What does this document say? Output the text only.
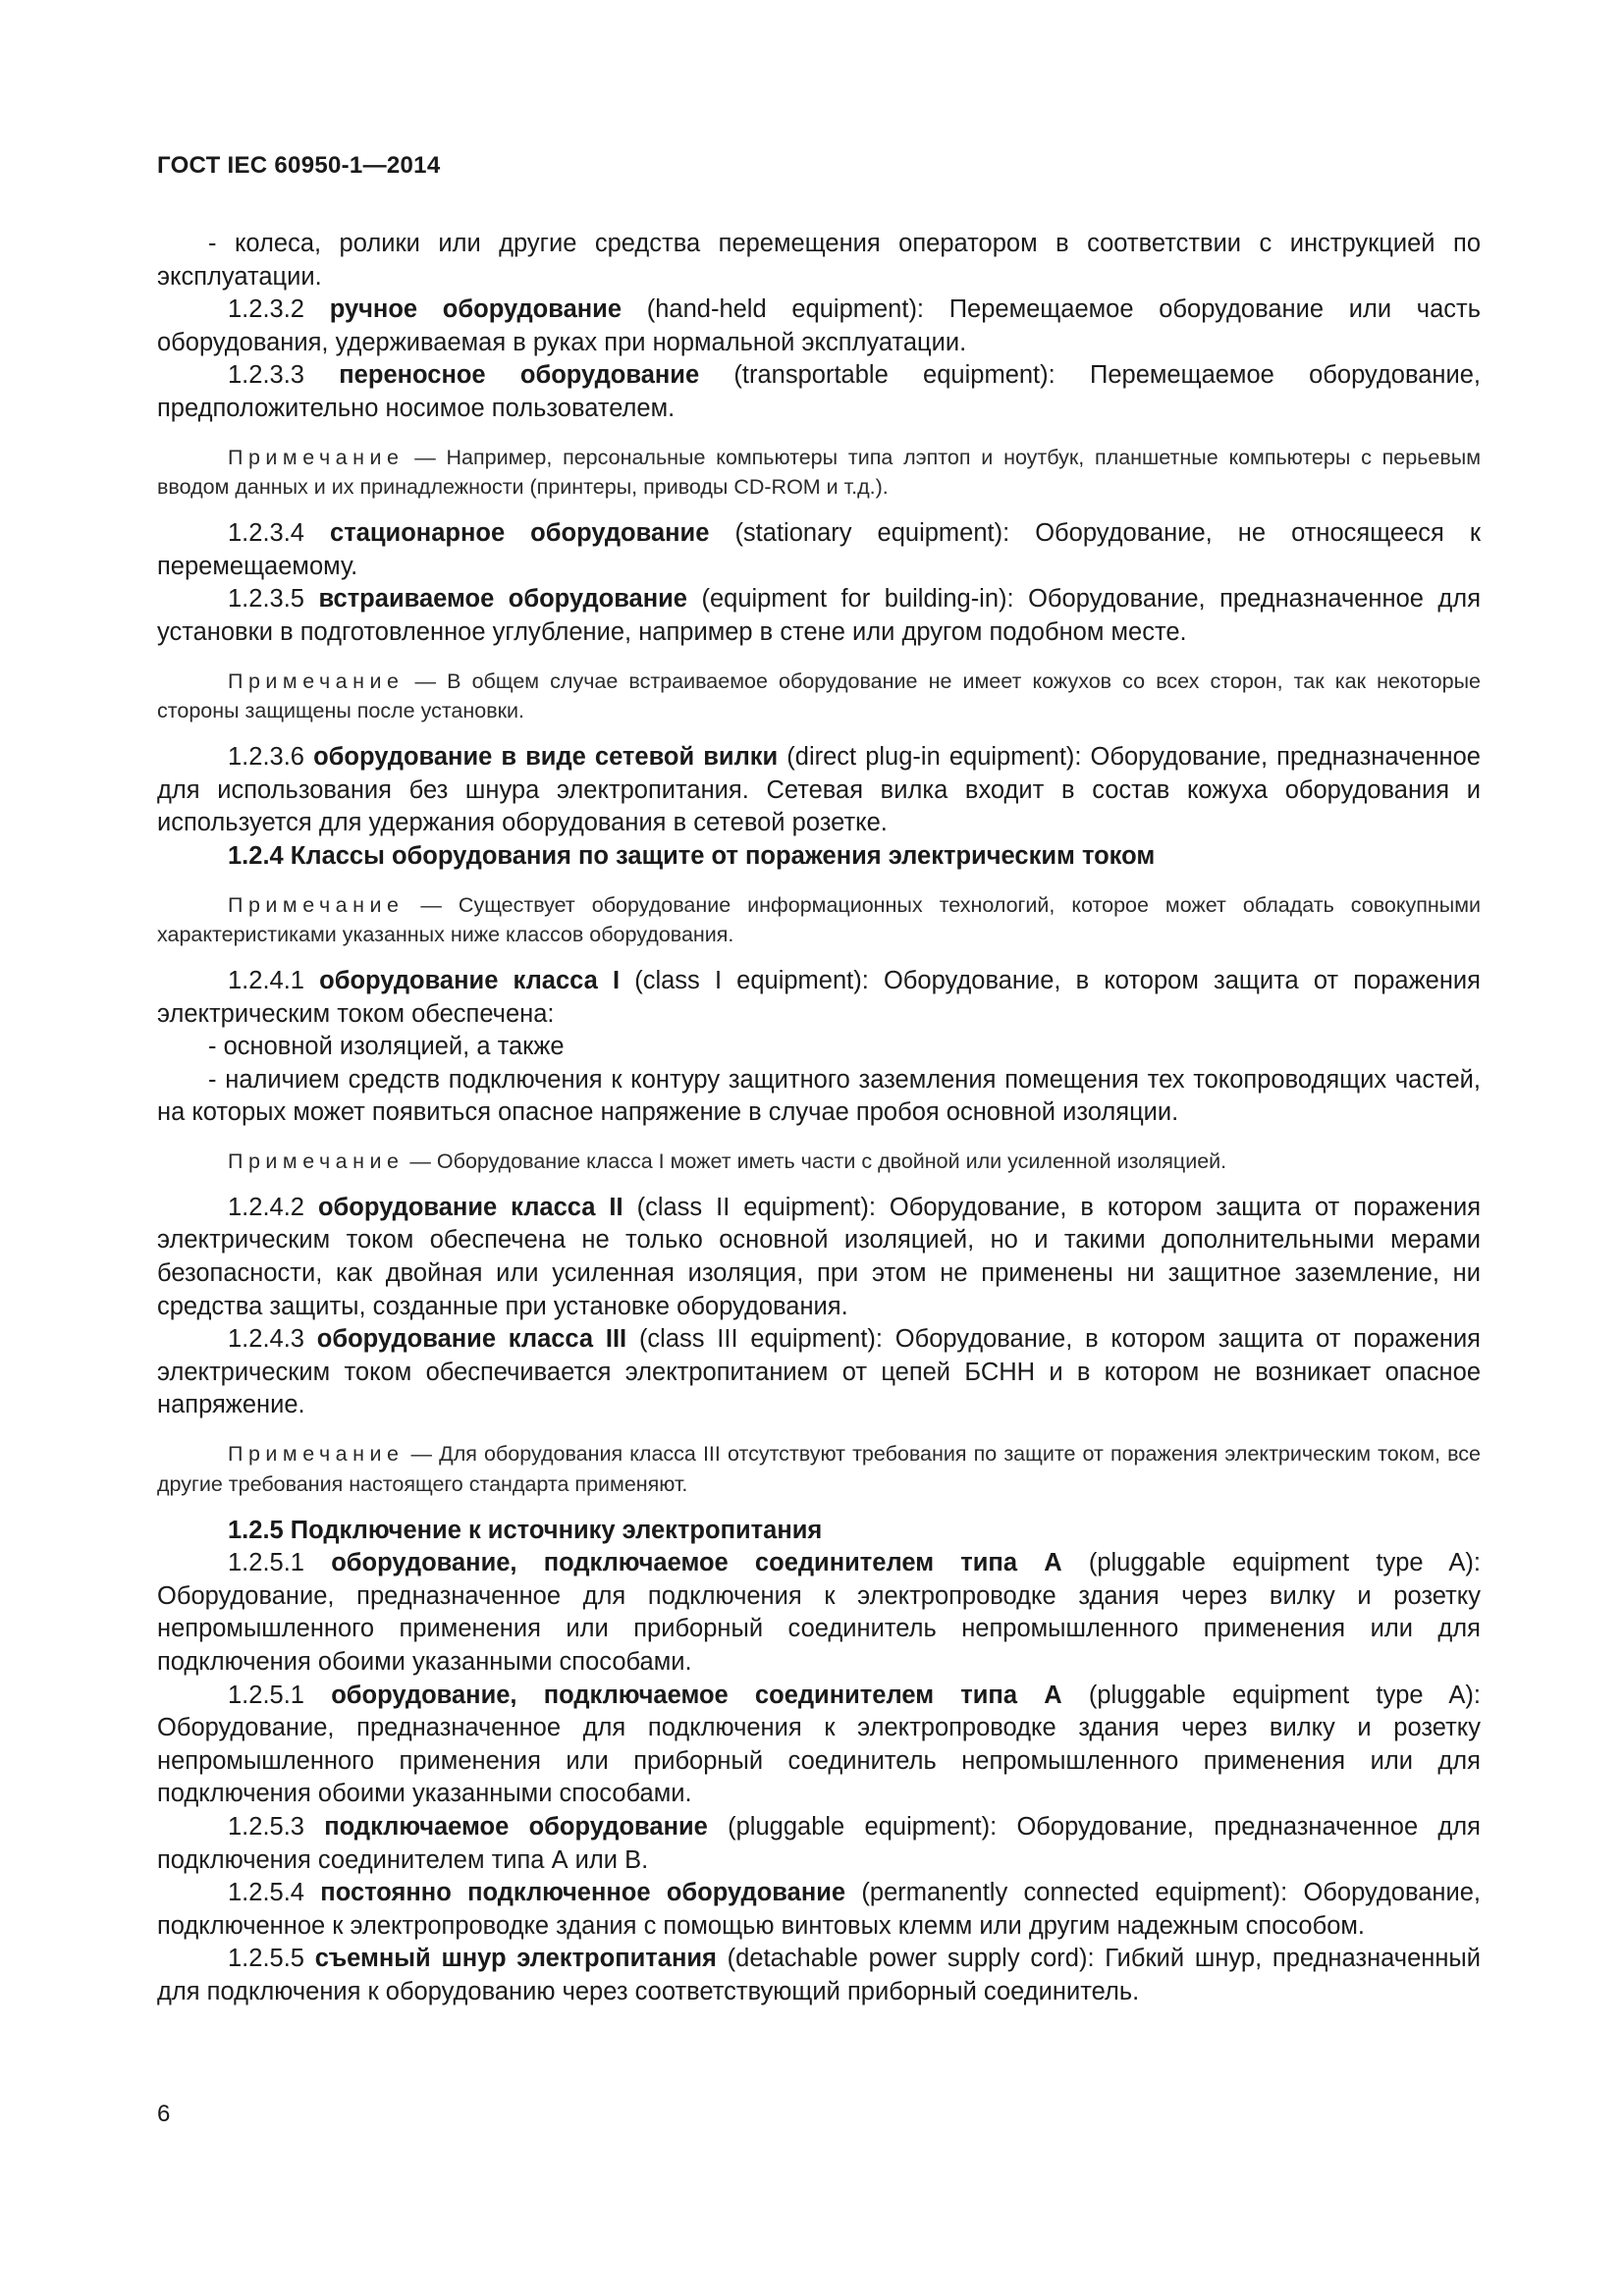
ГОСТ IEC 60950-1—2014

- колеса, ролики или другие средства перемещения оператором в соответствии с инструкцией по эксплуатации.

1.2.3.2 ручное оборудование (hand-held equipment): Перемещаемое оборудование или часть оборудования, удерживаемая в руках при нормальной эксплуатации.

1.2.3.3 переносное оборудование (transportable equipment): Перемещаемое оборудование, предположительно носимое пользователем.

Примечание — Например, персональные компьютеры типа лэптоп и ноутбук, планшетные компьютеры с перьевым вводом данных и их принадлежности (принтеры, приводы CD-ROM и т.д.).

1.2.3.4 стационарное оборудование (stationary equipment): Оборудование, не относящееся к перемещаемому.

1.2.3.5 встраиваемое оборудование (equipment for building-in): Оборудование, предназначенное для установки в подготовленное углубление, например в стене или другом подобном месте.

Примечание — В общем случае встраиваемое оборудование не имеет кожухов со всех сторон, так как некоторые стороны защищены после установки.

1.2.3.6 оборудование в виде сетевой вилки (direct plug-in equipment): Оборудование, предназначенное для использования без шнура электропитания. Сетевая вилка входит в состав кожуха оборудования и используется для удержания оборудования в сетевой розетке.

1.2.4 Классы оборудования по защите от поражения электрическим током

Примечание — Существует оборудование информационных технологий, которое может обладать совокупными характеристиками указанных ниже классов оборудования.

1.2.4.1 оборудование класса I (class I equipment): Оборудование, в котором защита от поражения электрическим током обеспечена:

- основной изоляцией, а также

- наличием средств подключения к контуру защитного заземления помещения тех токопроводящих частей, на которых может появиться опасное напряжение в случае пробоя основной изоляции.

Примечание — Оборудование класса I может иметь части с двойной или усиленной изоляцией.

1.2.4.2 оборудование класса II (class II equipment): Оборудование, в котором защита от поражения электрическим током обеспечена не только основной изоляцией, но и такими дополнительными мерами безопасности, как двойная или усиленная изоляция, при этом не применены ни защитное заземление, ни средства защиты, созданные при установке оборудования.

1.2.4.3 оборудование класса III (class III equipment): Оборудование, в котором защита от поражения электрическим током обеспечивается электропитанием от цепей БСНН и в котором не возникает опасное напряжение.

Примечание — Для оборудования класса III отсутствуют требования по защите от поражения электрическим током, все другие требования настоящего стандарта применяют.

1.2.5 Подключение к источнику электропитания

1.2.5.1 оборудование, подключаемое соединителем типа А (pluggable equipment type A): Оборудование, предназначенное для подключения к электропроводке здания через вилку и розетку непромышленного применения или приборный соединитель непромышленного применения или для подключения обоими указанными способами.

1.2.5.1 оборудование, подключаемое соединителем типа А (pluggable equipment type A): Оборудование, предназначенное для подключения к электропроводке здания через вилку и розетку непромышленного применения или приборный соединитель непромышленного применения или для подключения обоими указанными способами.

1.2.5.3 подключаемое оборудование (pluggable equipment): Оборудование, предназначенное для подключения соединителем типа А или В.

1.2.5.4 постоянно подключенное оборудование (permanently connected equipment): Оборудование, подключенное к электропроводке здания с помощью винтовых клемм или другим надежным способом.

1.2.5.5 съемный шнур электропитания (detachable power supply cord): Гибкий шнур, предназначенный для подключения к оборудованию через соответствующий приборный соединитель.

6
